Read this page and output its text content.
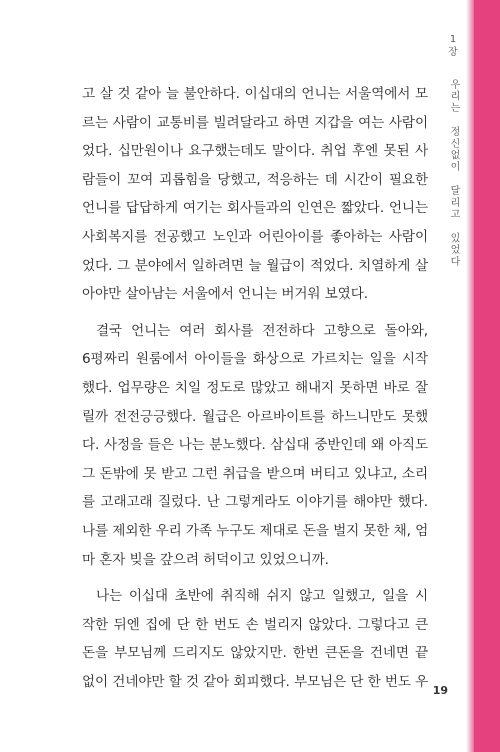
1
장
우리는 정신없이 달리고 있었다

고 살 것 같아 늘 불안하다. 이십대의 언니는 서울역에서 모
르는 사람이 교통비를 빌려달라고 하면 지갑을 여는 사람이
었다. 십만원이나 요구했는데도 말이다. 취업 후엔 못된 사
람들이 꼬여 괴롭힘을 당했고, 적응하는 데 시간이 필요한
언니를 답답하게 여기는 회사들과의 인연은 짧았다. 언니는
사회복지를 전공했고 노인과 어린아이를 좋아하는 사람이
었다. 그 분야에서 일하려면 늘 월급이 적었다. 치열하게 살
아야만 살아남는 서울에서 언니는 버거워 보였다.

결국 언니는 여러 회사를 전전하다 고향으로 돌아와,
6평짜리 원룸에서 아이들을 화상으로 가르치는 일을 시작
했다. 업무량은 치일 정도로 많았고 해내지 못하면 바로 잘
릴까 전전긍긍했다. 월급은 아르바이트를 하느니만도 못했
다. 사정을 들은 나는 분노했다. 삼십대 중반인데 왜 아직도
그 돈밖에 못 받고 그런 취급을 받으며 버티고 있냐고, 소리
를 고래고래 질렀다. 난 그렇게라도 이야기를 해야만 했다.
나를 제외한 우리 가족 누구도 제대로 돈을 벌지 못한 채, 엄
마 혼자 빚을 갚으려 허덕이고 있었으니까.

나는 이십대 초반에 취직해 쉬지 않고 일했고, 일을 시
작한 뒤엔 집에 단 한 번도 손 벌리지 않았다. 그렇다고 큰
돈을 부모님께 드리지도 않았지만. 한번 큰돈을 건네면 끝
없이 건네야만 할 것 같아 회피했다. 부모님은 단 한 번도 우

19
